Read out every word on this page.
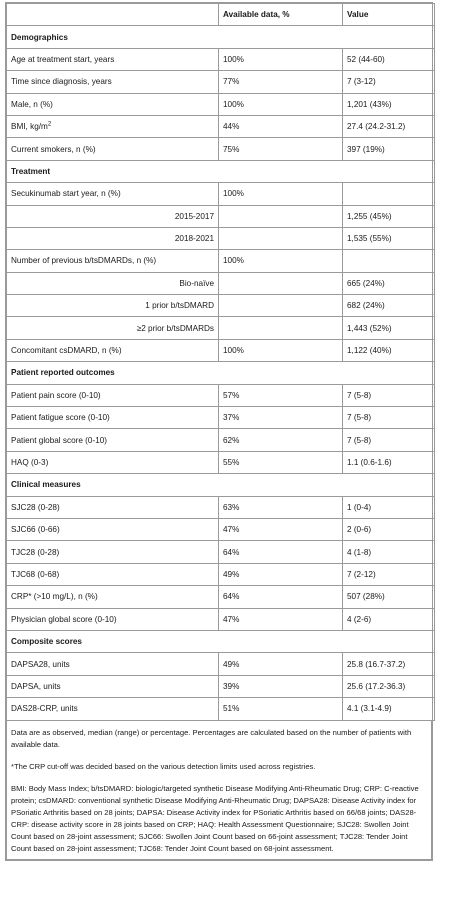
	Available data, %	Value
Demographics		
Age at treatment start, years	100%	52 (44-60)
Time since diagnosis, years	77%	7 (3-12)
Male, n (%)	100%	1,201 (43%)
BMI, $kg/m^2$	44%	27.4 (24.2-31.2)
Current smokers, n (%)	75%	397 (19%)
Treatment		
Secukinumab start year, n (%)	100%	
2015-2017		1,255 (45%)
2018-2021		1,535 (55%)
Number of previous b/tsDMARDs, n (%)	100%	
Bio-naïve		665 (24%)
1 prior b/tsDMARD		682 (24%)
≥2 prior b/tsDMARDs		1,443 (52%)
Concomitant csDMARD, n (%)	100%	1,122 (40%)
Patient reported outcomes		
Patient pain score (0-10)	57%	7 (5-8)
Patient fatigue score (0-10)	37%	7 (5-8)
Patient global score (0-10)	62%	7 (5-8)
HAQ (0-3)	55%	1.1 (0.6-1.6)
Clinical measures		
SJC28 (0-28)	63%	1 (0-4)
SJC66 (0-66)	47%	2 (0-6)
TJC28 (0-28)	64%	4 (1-8)
TJC68 (0-68)	49%	7 (2-12)
CRP* (>10 mg/L), n (%)	64%	507 (28%)
Physician global score (0-10)	47%	4 (2-6)
Composite scores		
DAPSA28, units	49%	25.8 (16.7-37.2)
DAPSA, units	39%	25.6 (17.2-36.3)
DAS28-CRP, units	51%	4.1 (3.1-4.9)

Data are as observed, median (range) or percentage. Percentages are calculated based on the number of patients with available data.

*The CRP cut-off was decided based on the various detection limits used across registries.

BMI: Body Mass Index; b/tsDMARD: biologic/targeted synthetic Disease Modifying Anti-Rheumatic Drug; CRP: C-reactive protein; csDMARD: conventional synthetic Disease Modifying Anti-Rheumatic Drug; DAPSA28: Disease Activity index for PSoriatic Arthritis based on 28 joints; DAPSA: Disease Activity index for PSoriatic Arthritis based on 66/68 joints; DAS28-CRP: disease activity score in 28 joints based on CRP; HAQ: Health Assessment Questionnaire; SJC28: Swollen Joint Count based on 28-joint assessment; SJC66: Swollen Joint Count based on 66-joint assessment; TJC28: Tender Joint Count based on 28-joint assessment; TJC68: Tender Joint Count based on 68-joint assessment.
